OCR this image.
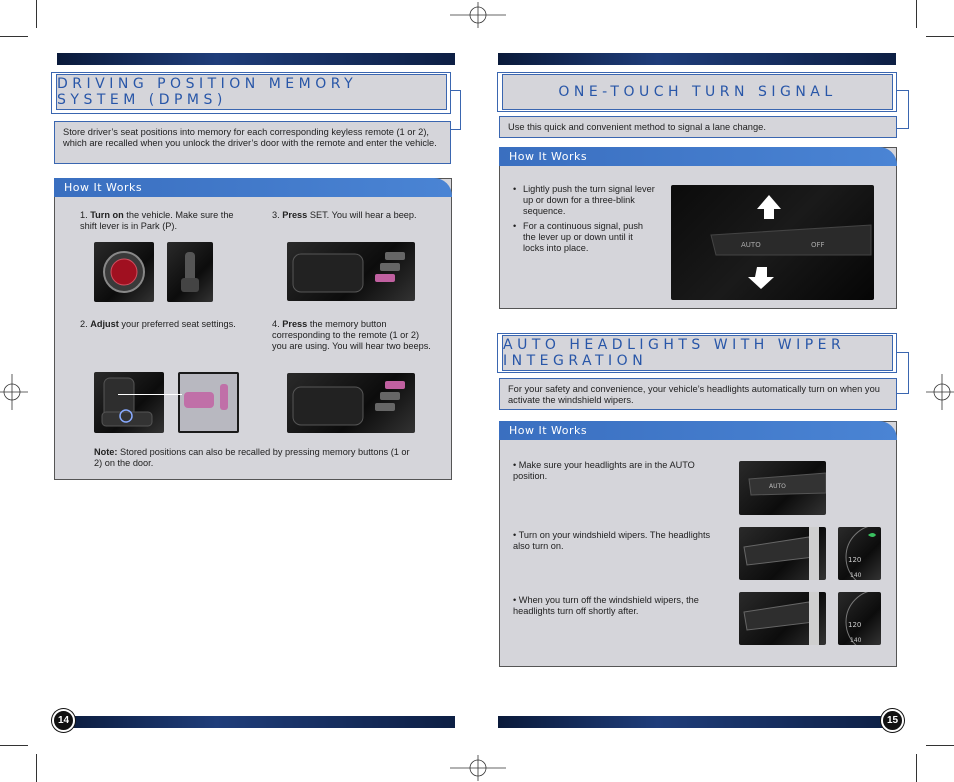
DRIVING POSITION MEMORY SYSTEM (DPMS)
Store driver’s seat positions into memory for each corresponding keyless remote (1 or 2), which are recalled when you unlock the driver’s door with the remote and enter the vehicle.
How It Works
1. Turn on the vehicle. Make sure the shift lever is in Park (P).
3. Press SET. You will hear a beep.
2. Adjust your preferred seat settings.	4. Press the memory button corresponding to the remote (1 or 2) you are using. You will hear two beeps.
Note: Stored positions can also be recalled by pressing memory buttons (1 or 2) on the door.
14
ONE-TOUCH TURN SIGNAL
Use this quick and convenient method to signal a lane change.
How It Works
• Lightly push the turn signal lever up or down for a three-blink sequence.
• For a continuous signal, push the lever up or down until it locks into place.	AUTO	OFF
AUTO HEADLIGHTS WITH WIPER INTEGRATION
For your safety and convenience, your vehicle’s headlights automatically turn on when you activate the windshield wipers.
How It Works
• Make sure your headlights are in the AUTO position.
• Turn on your windshield wipers. The headlights also turn on.
• When you turn off the windshield wipers, the headlights turn off shortly after.
AUTO
120
140
120
140
15
